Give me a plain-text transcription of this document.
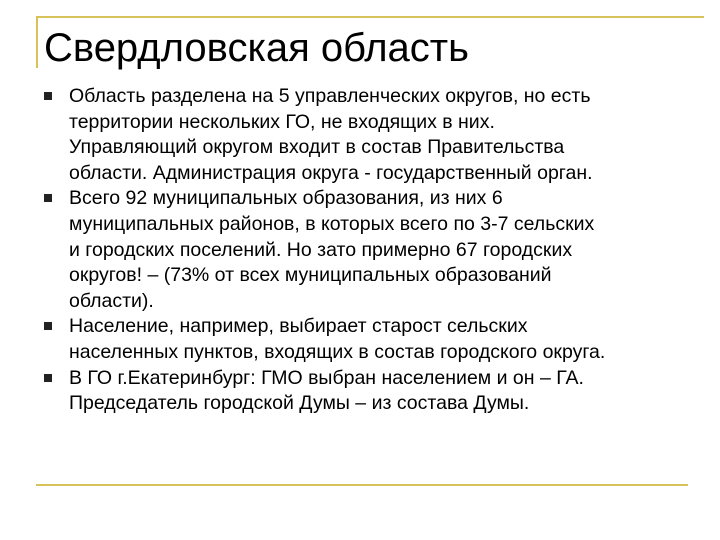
Свердловская область
Область разделена на 5 управленческих округов, но есть
территории нескольких ГО, не входящих в них.
Управляющий округом входит в состав Правительства
области. Администрация округа - государственный орган.
Всего 92 муниципальных образования, из них 6
муниципальных районов, в которых всего по 3-7 сельских
и городских поселений. Но зато примерно 67 городских
округов! – (73% от всех муниципальных образований
области).
Население, например, выбирает старост сельских
населенных пунктов, входящих в состав городского округа.
В ГО г.Екатеринбург: ГМО выбран населением и он – ГА.
Председатель городской Думы – из состава Думы.
